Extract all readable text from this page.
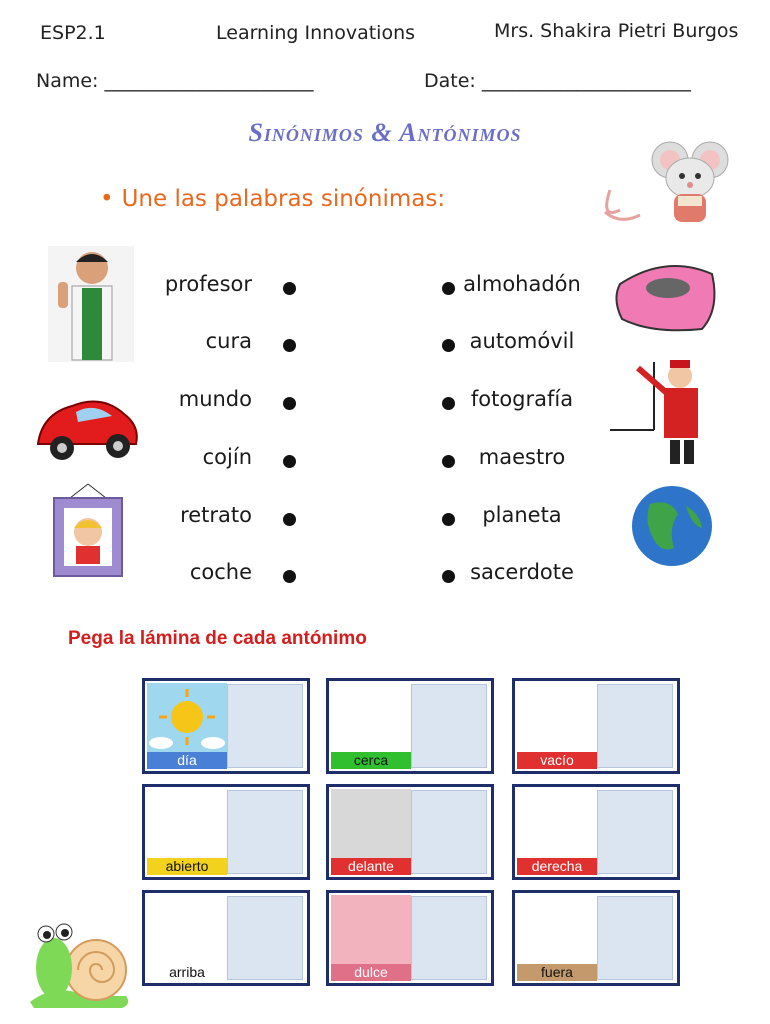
ESP2.1	Learning Innovations	Mrs. Shakira Pietri Burgos
Name: ______________________	Date: ______________________
Sinónimos & Antónimos
• Une las palabras sinónimas:
profesor
cura
mundo
cojín
retrato
coche
almohadón
automóvil
fotografía
maestro
planeta
sacerdote
Pega la lámina de cada antónimo
día	cerca	vacío
abierto	delante	derecha
arriba	dulce	fuera
